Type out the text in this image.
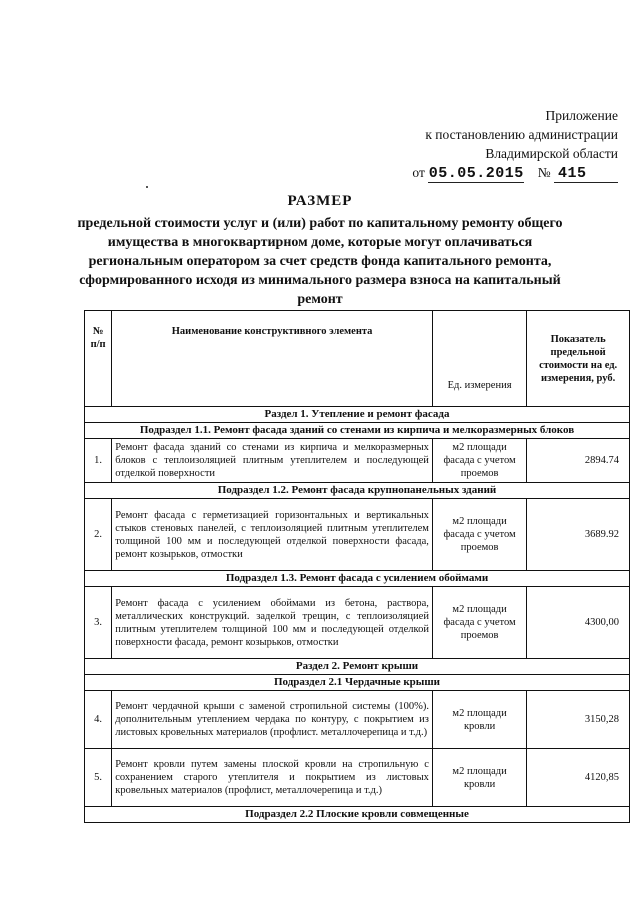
Приложение
к постановлению администрации
Владимирской области
от 05.05.2015 № 415
РАЗМЕР
предельной стоимости услуг и (или) работ по капитальному ремонту общего имущества в многоквартирном доме, которые могут оплачиваться региональным оператором за счет средств фонда капитального ремонта, сформированного исходя из минимального размера взноса на капитальный ремонт
№ п/п	Наименование конструктивного элемента	Ед. измерения	Показатель предельной стоимости на ед. измерения, руб.
Раздел 1. Утепление и ремонт фасада			
Подраздел 1.1. Ремонт фасада зданий со стенами из кирпича и мелкоразмерных блоков			
1.	Ремонт фасада зданий со стенами из кирпича и мелкоразмерных блоков с теплоизоляцией плитным утеплителем и последующей отделкой поверхности	м2 площади фасада с учетом проемов	2894.74
Подраздел 1.2. Ремонт фасада крупнопанельных зданий			
2.	Ремонт фасада с герметизацией горизонтальных и вертикальных стыков стеновых панелей, с теплоизоляцией плитным утеплителем толщиной 100 мм и последующей отделкой поверхности фасада, ремонт козырьков, отмостки	м2 площади фасада с учетом проемов	3689.92
Подраздел 1.3. Ремонт фасада с усилением обоймами			
3.	Ремонт фасада с усилением обоймами из бетона, раствора, металлических конструкций. заделкой трещин, с теплоизоляцией плитным утеплителем толщиной 100 мм и последующей отделкой поверхности фасада, ремонт козырьков, отмостки	м2 площади фасада с учетом проемов	4300,00
Раздел 2. Ремонт крыши			
Подраздел 2.1 Чердачные крыши			
4.	Ремонт чердачной крыши с заменой стропильной системы (100%). дополнительным утеплением чердака по контуру, с покрытием из листовых кровельных материалов (профлист. металлочерепица и т.д.)	м2 площади кровли	3150,28
5.	Ремонт кровли путем замены плоской кровли на стропильную с сохранением старого утеплителя и покрытием из листовых кровельных материалов (профлист, металлочерепица и т.д.)	м2 площади кровли	4120,85
Подраздел 2.2 Плоские кровли совмещенные			
